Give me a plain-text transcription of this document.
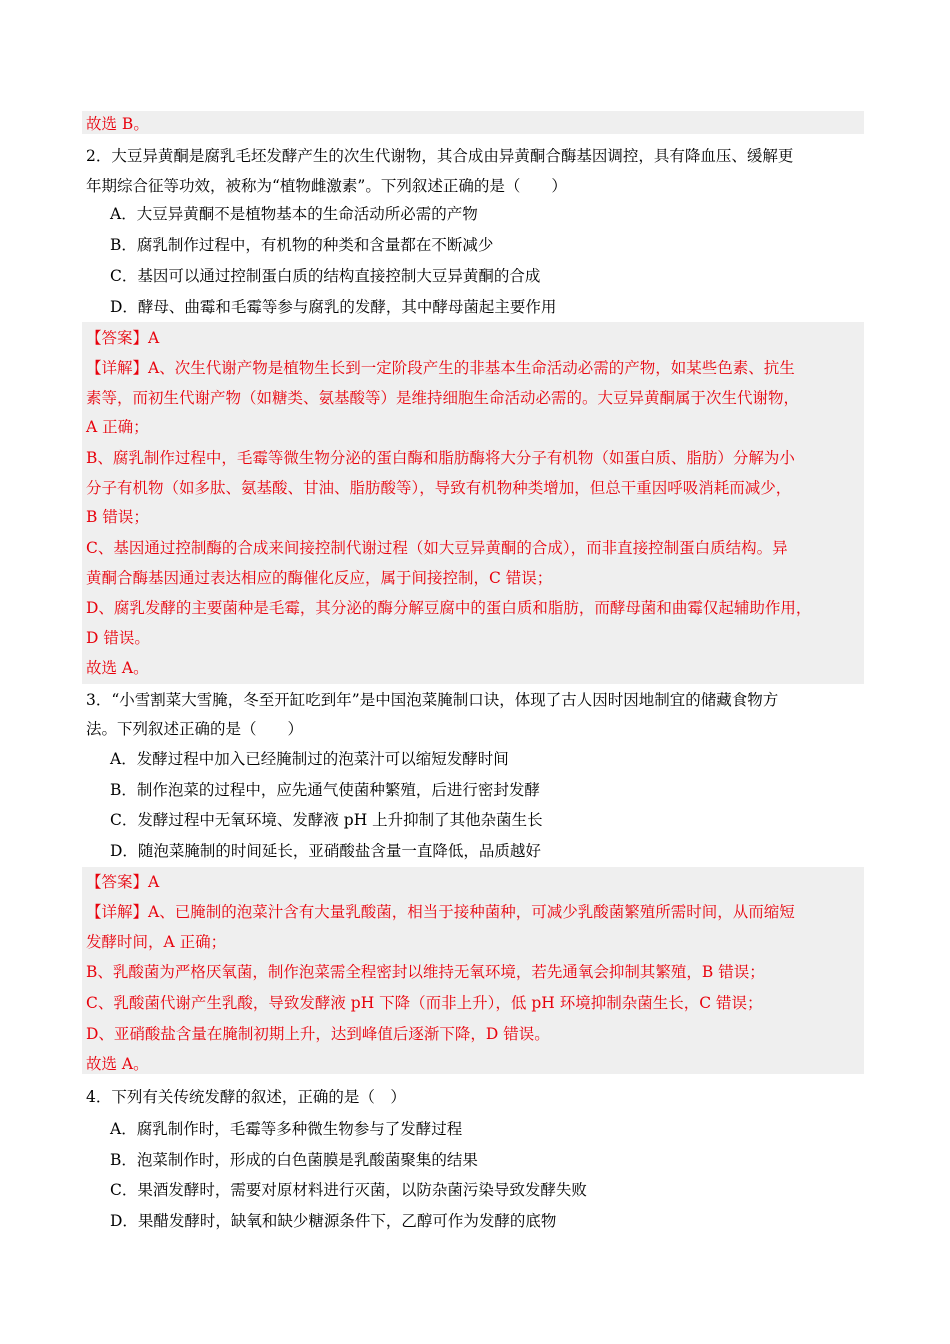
故选 B。
2．大豆异黄酮是腐乳毛坯发酵产生的次生代谢物，其合成由异黄酮合酶基因调控，具有降血压、缓解更
年期综合征等功效，被称为“植物雌激素”。下列叙述正确的是（　　）
A．大豆异黄酮不是植物基本的生命活动所必需的产物
B．腐乳制作过程中，有机物的种类和含量都在不断减少
C．基因可以通过控制蛋白质的结构直接控制大豆异黄酮的合成
D．酵母、曲霉和毛霉等参与腐乳的发酵，其中酵母菌起主要作用
【答案】A
【详解】A、次生代谢产物是植物生长到一定阶段产生的非基本生命活动必需的产物，如某些色素、抗生
素等，而初生代谢产物（如糖类、氨基酸等）是维持细胞生命活动必需的。大豆异黄酮属于次生代谢物，
A 正确；
B、腐乳制作过程中，毛霉等微生物分泌的蛋白酶和脂肪酶将大分子有机物（如蛋白质、脂肪）分解为小
分子有机物（如多肽、氨基酸、甘油、脂肪酸等），导致有机物种类增加，但总干重因呼吸消耗而减少，
B 错误；
C、基因通过控制酶的合成来间接控制代谢过程（如大豆异黄酮的合成），而非直接控制蛋白质结构。异
黄酮合酶基因通过表达相应的酶催化反应，属于间接控制，C 错误；
D、腐乳发酵的主要菌种是毛霉，其分泌的酶分解豆腐中的蛋白质和脂肪，而酵母菌和曲霉仅起辅助作用，
D 错误。
故选 A。
3．“小雪割菜大雪腌，冬至开缸吃到年”是中国泡菜腌制口诀，体现了古人因时因地制宜的储藏食物方
法。下列叙述正确的是（　　）
A．发酵过程中加入已经腌制过的泡菜汁可以缩短发酵时间
B．制作泡菜的过程中，应先通气使菌种繁殖，后进行密封发酵
C．发酵过程中无氧环境、发酵液 pH 上升抑制了其他杂菌生长
D．随泡菜腌制的时间延长，亚硝酸盐含量一直降低，品质越好
【答案】A
【详解】A、已腌制的泡菜汁含有大量乳酸菌，相当于接种菌种，可减少乳酸菌繁殖所需时间，从而缩短
发酵时间，A 正确；
B、乳酸菌为严格厌氧菌，制作泡菜需全程密封以维持无氧环境，若先通氧会抑制其繁殖，B 错误；
C、乳酸菌代谢产生乳酸，导致发酵液 pH 下降（而非上升），低 pH 环境抑制杂菌生长，C 错误；
D、亚硝酸盐含量在腌制初期上升，达到峰值后逐渐下降，D 错误。
故选 A。
4．下列有关传统发酵的叙述，正确的是（　）
A．腐乳制作时，毛霉等多种微生物参与了发酵过程
B．泡菜制作时，形成的白色菌膜是乳酸菌聚集的结果
C．果酒发酵时，需要对原材料进行灭菌，以防杂菌污染导致发酵失败
D．果醋发酵时，缺氧和缺少糖源条件下，乙醇可作为发酵的底物
